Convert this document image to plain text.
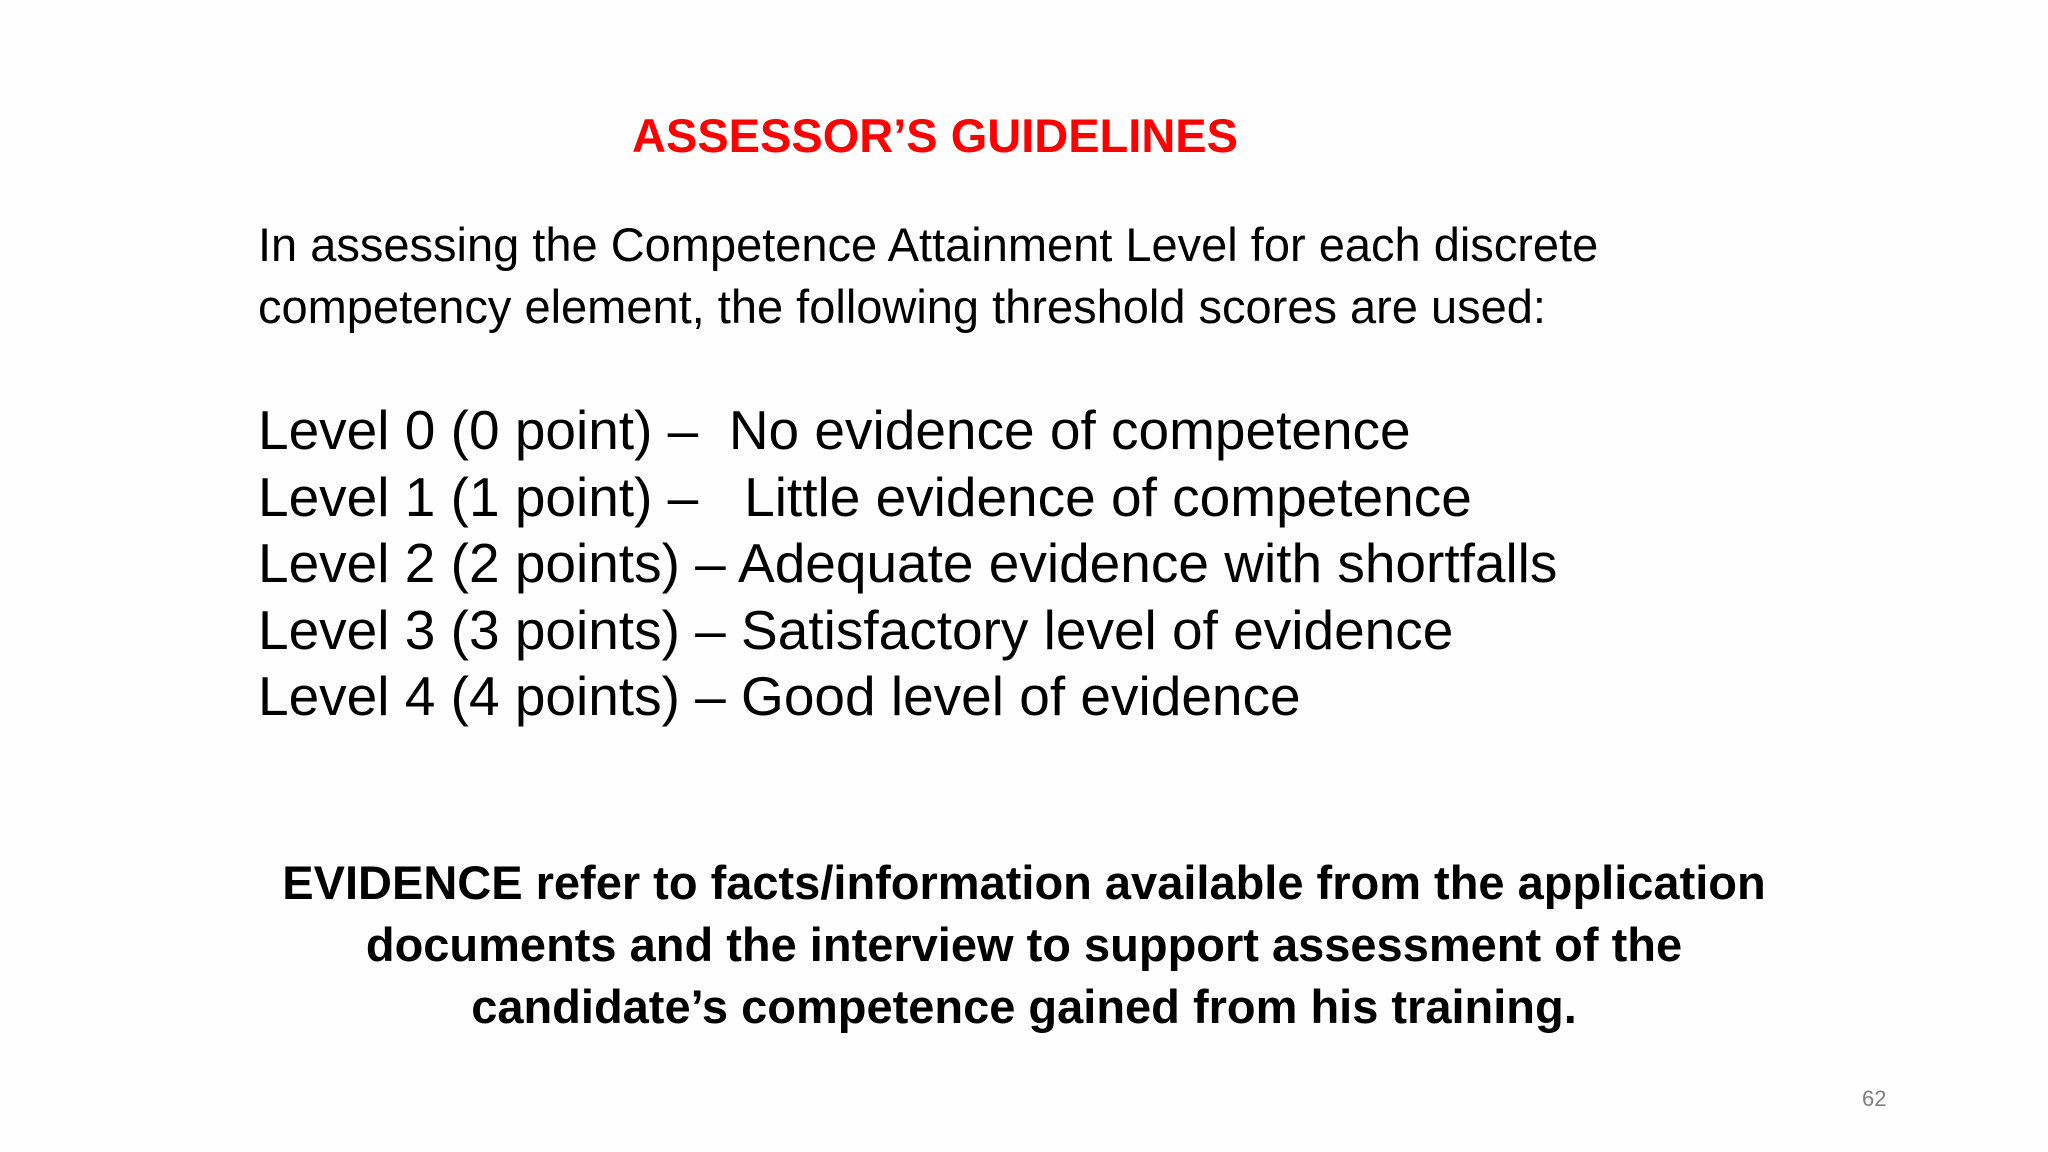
ASSESSOR’S GUIDELINES
In assessing the Competence Attainment Level for each discrete
competency element, the following threshold scores are used:
Level 0 (0 point) –  No evidence of competence
Level 1 (1 point) –   Little evidence of competence
Level 2 (2 points) – Adequate evidence with shortfalls
Level 3 (3 points) – Satisfactory level of evidence
Level 4 (4 points) – Good level of evidence
EVIDENCE refer to facts/information available from the application
documents and the interview to support assessment of the
candidate’s competence gained from his training.
62
